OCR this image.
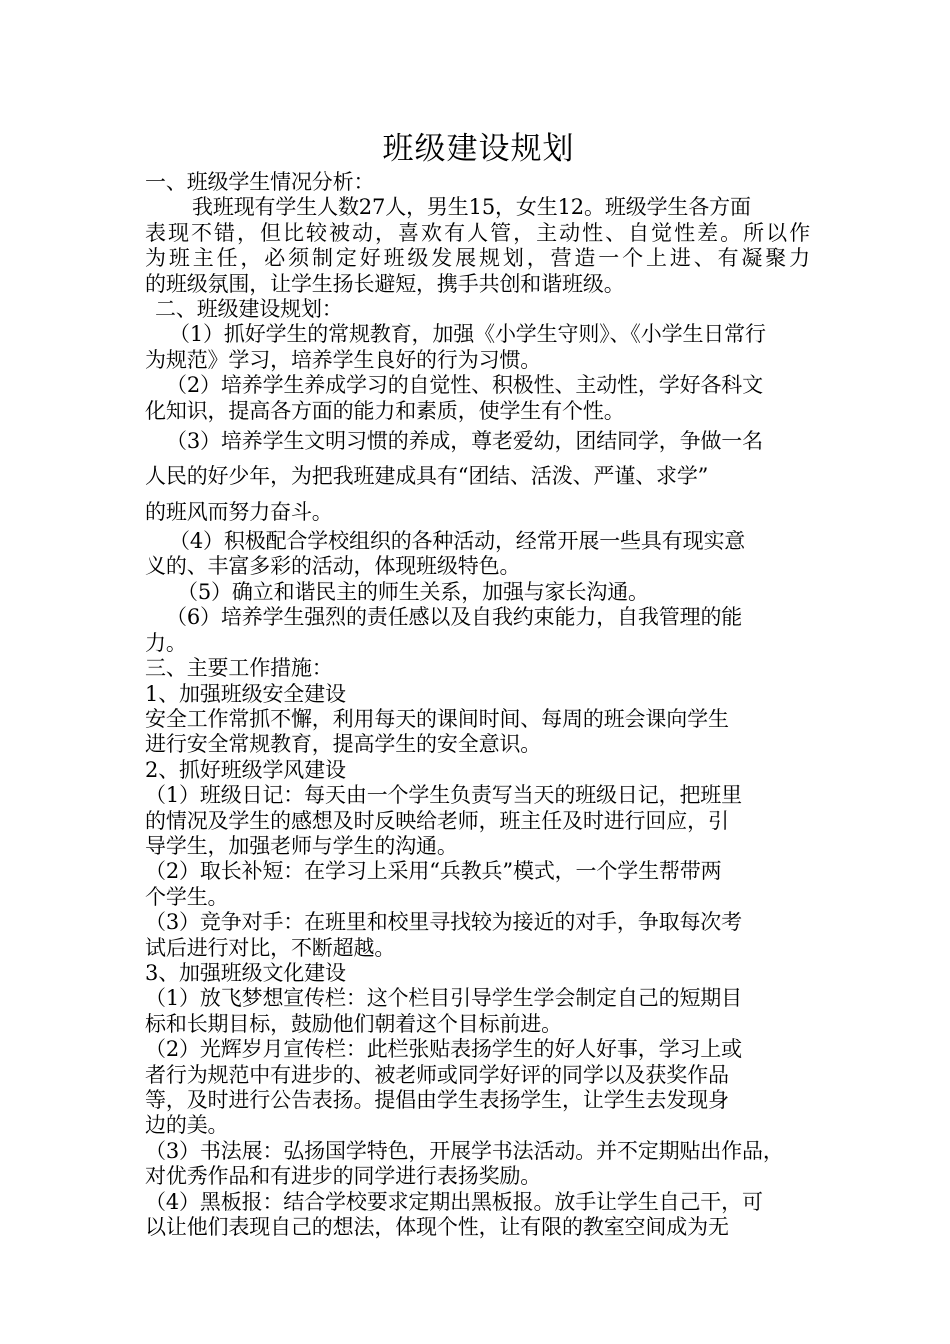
班级建设规划

一、班级学生情况分析：

我班现有学生人数27人，男生15，女生12。班级学生各方面

表现不错，但比较被动，喜欢有人管，主动性、自觉性差。所以作

为班主任，必须制定好班级发展规划，营造一个上进、有凝聚力

的班级氛围，让学生扬长避短，携手共创和谐班级。

二、班级建设规划：

（1）抓好学生的常规教育，加强《小学生守则》、《小学生日常行

为规范》学习，培养学生良好的行为习惯。

（2）培养学生养成学习的自觉性、积极性、主动性，学好各科文

化知识，提高各方面的能力和素质，使学生有个性。

（3）培养学生文明习惯的养成，尊老爱幼，团结同学，争做一名

人民的好少年，为把我班建成具有“团结、活泼、严谨、求学”

的班风而努力奋斗。

（4）积极配合学校组织的各种活动，经常开展一些具有现实意

义的、丰富多彩的活动，体现班级特色。

（5）确立和谐民主的师生关系，加强与家长沟通。

（6）培养学生强烈的责任感以及自我约束能力，自我管理的能

力。

三、主要工作措施：

1、加强班级安全建设

安全工作常抓不懈，利用每天的课间时间、每周的班会课向学生

进行安全常规教育，提高学生的安全意识。

2、抓好班级学风建设

（1）班级日记：每天由一个学生负责写当天的班级日记，把班里

的情况及学生的感想及时反映给老师，班主任及时进行回应，引

导学生，加强老师与学生的沟通。

（2）取长补短：在学习上采用“兵教兵”模式，一个学生帮带两

个学生。

（3）竞争对手：在班里和校里寻找较为接近的对手，争取每次考

试后进行对比，不断超越。

3、加强班级文化建设

（1）放飞梦想宣传栏：这个栏目引导学生学会制定自己的短期目

标和长期目标，鼓励他们朝着这个目标前进。

（2）光辉岁月宣传栏：此栏张贴表扬学生的好人好事，学习上或

者行为规范中有进步的、被老师或同学好评的同学以及获奖作品

等，及时进行公告表扬。提倡由学生表扬学生，让学生去发现身

边的美。

（3）书法展：弘扬国学特色，开展学书法活动。并不定期贴出作品，

对优秀作品和有进步的同学进行表扬奖励。

（4）黑板报：结合学校要求定期出黑板报。放手让学生自己干，可

以让他们表现自己的想法，体现个性，让有限的教室空间成为无
